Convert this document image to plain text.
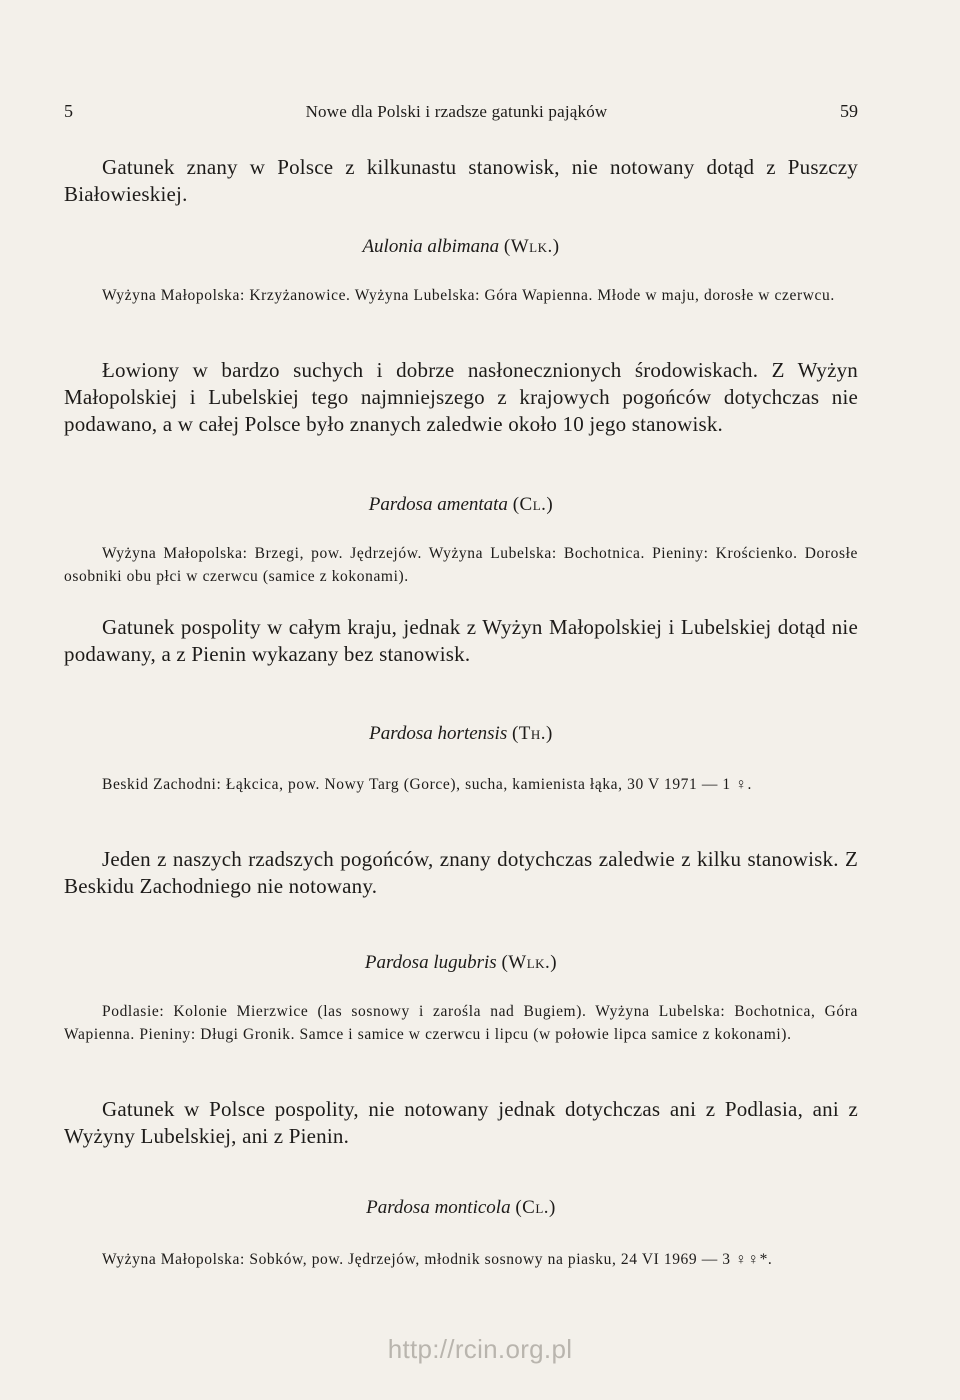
5	Nowe dla Polski i rzadsze gatunki pająków	59
Gatunek znany w Polsce z kilkunastu stanowisk, nie notowany dotąd z Puszczy Białowieskiej.
Aulonia albimana (Wlk.)
Wyżyna Małopolska: Krzyżanowice. Wyżyna Lubelska: Góra Wapienna. Młode w maju, dorosłe w czerwcu.
Łowiony w bardzo suchych i dobrze nasłonecznionych środowiskach. Z Wyżyn Małopolskiej i Lubelskiej tego najmniejszego z krajowych pogońców dotychczas nie podawano, a w całej Polsce było znanych zaledwie około 10 jego stanowisk.
Pardosa amentata (Cl.)
Wyżyna Małopolska: Brzegi, pow. Jędrzejów. Wyżyna Lubelska: Bochotnica. Pieniny: Krościenko. Dorosłe osobniki obu płci w czerwcu (samice z kokonami).
Gatunek pospolity w całym kraju, jednak z Wyżyn Małopolskiej i Lubelskiej dotąd nie podawany, a z Pienin wykazany bez stanowisk.
Pardosa hortensis (Th.)
Beskid Zachodni: Łąkcica, pow. Nowy Targ (Gorce), sucha, kamienista łąka, 30 V 1971 — 1 ♀.
Jeden z naszych rzadszych pogońców, znany dotychczas zaledwie z kilku stanowisk. Z Beskidu Zachodniego nie notowany.
Pardosa lugubris (Wlk.)
Podlasie: Kolonie Mierzwice (las sosnowy i zarośla nad Bugiem). Wyżyna Lubelska: Bochotnica, Góra Wapienna. Pieniny: Długi Gronik. Samce i samice w czerwcu i lipcu (w połowie lipca samice z kokonami).
Gatunek w Polsce pospolity, nie notowany jednak dotychczas ani z Podlasia, ani z Wyżyny Lubelskiej, ani z Pienin.
Pardosa monticola (Cl.)
Wyżyna Małopolska: Sobków, pow. Jędrzejów, młodnik sosnowy na piasku, 24 VI 1969 — 3 ♀♀*.
http://rcin.org.pl
